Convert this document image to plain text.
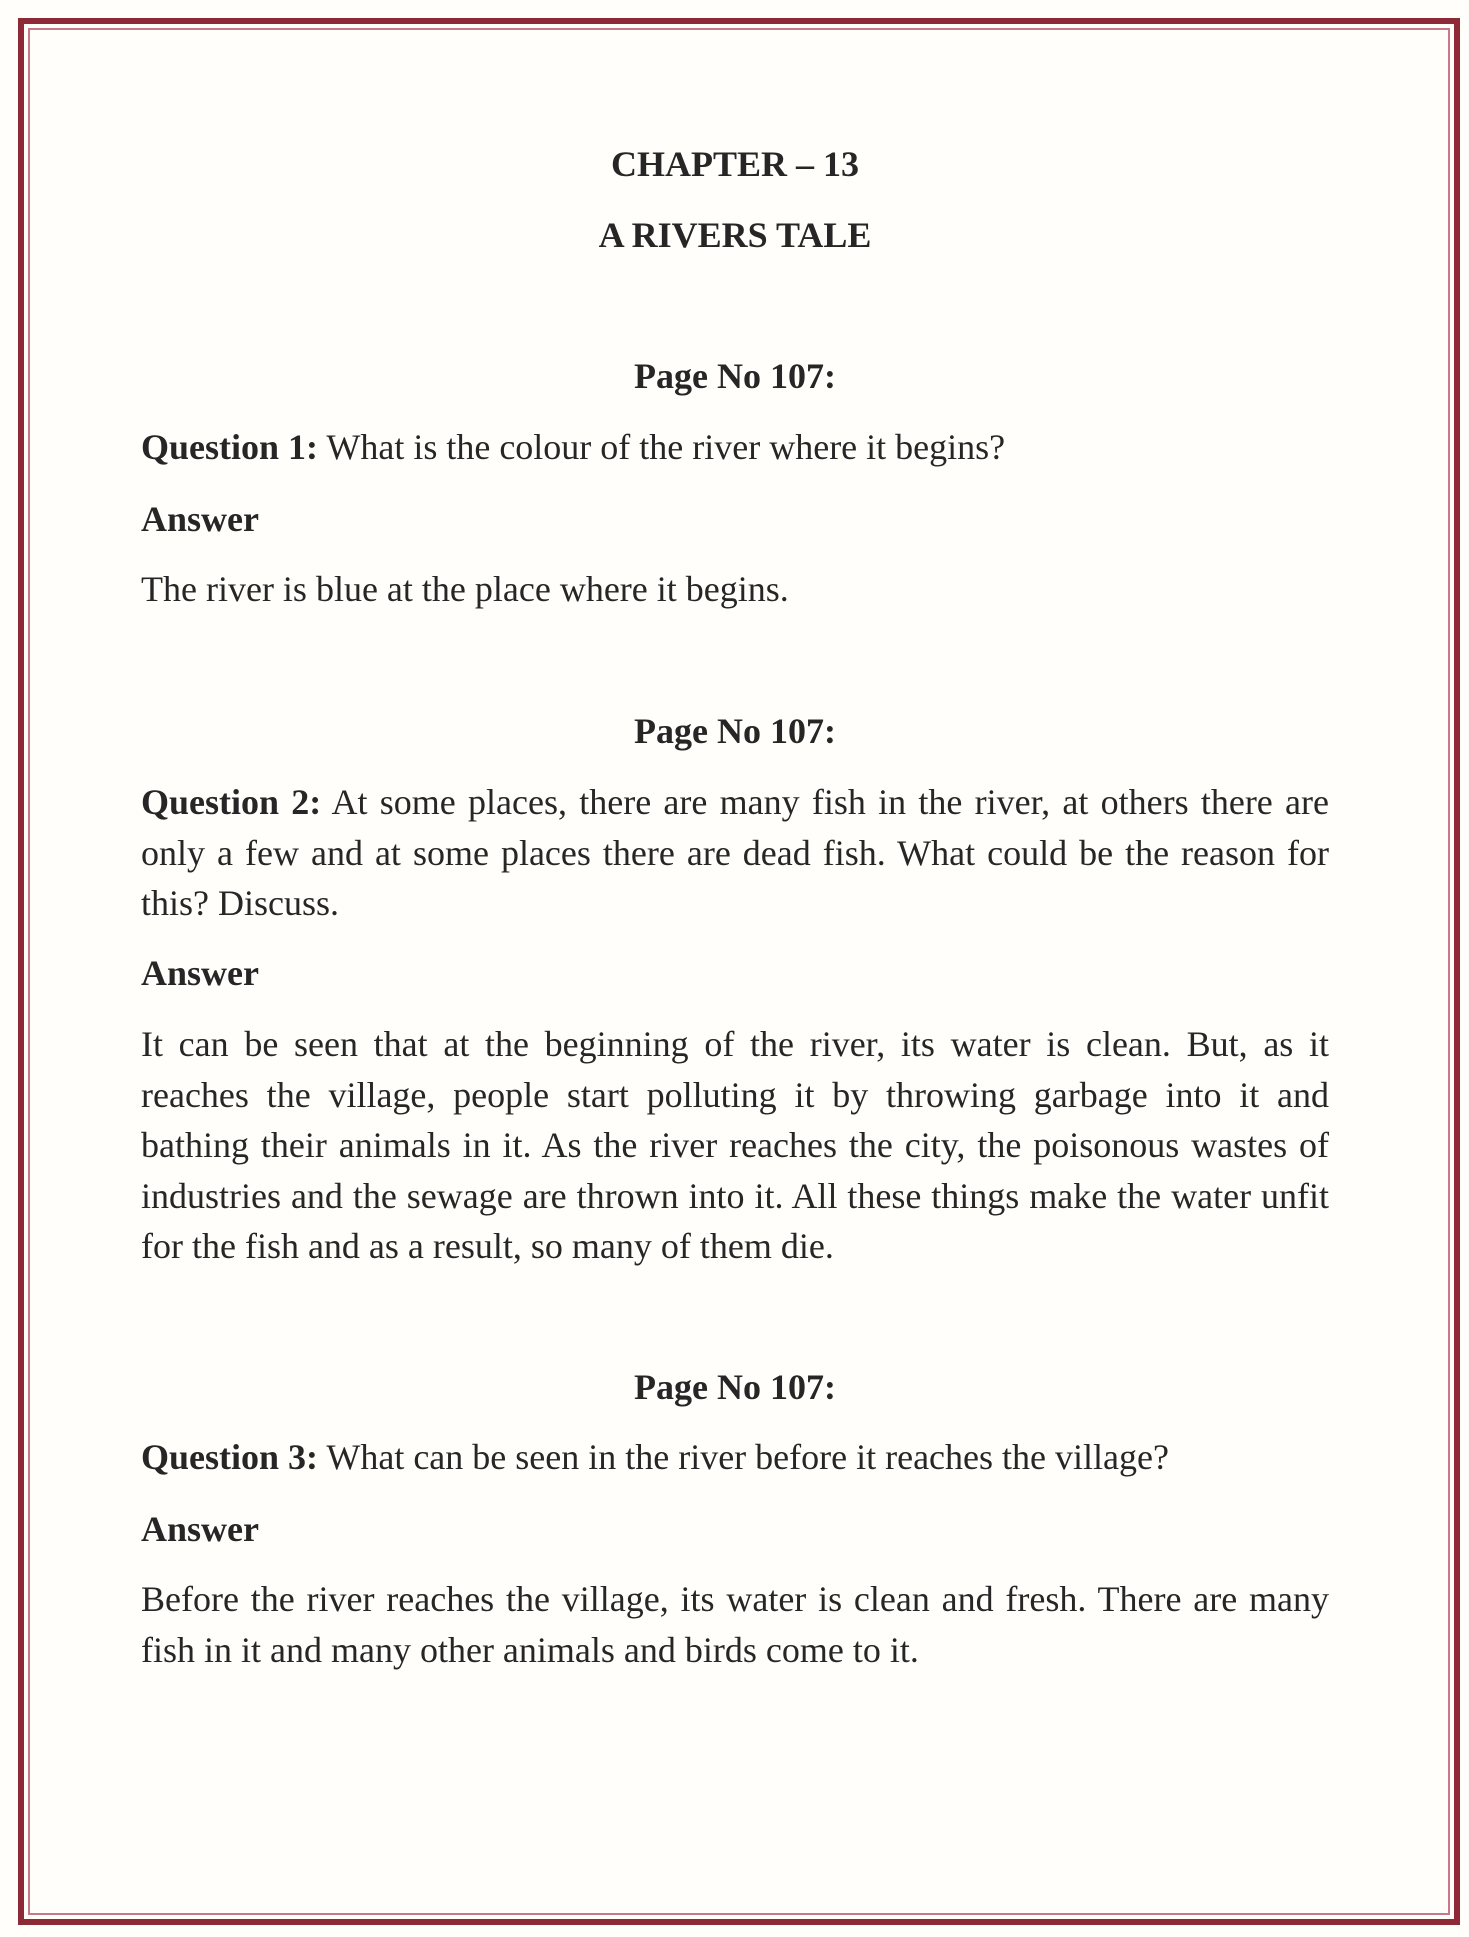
CHAPTER – 13
A RIVERS TALE
Page No 107:
Question 1: What is the colour of the river where it begins?
Answer
The river is blue at the place where it begins.
Page No 107:
Question 2: At some places, there are many fish in the river, at others there are only a few and at some places there are dead fish. What could be the reason for this? Discuss.
Answer
It can be seen that at the beginning of the river, its water is clean. But, as it reaches the village, people start polluting it by throwing garbage into it and bathing their animals in it. As the river reaches the city, the poisonous wastes of industries and the sewage are thrown into it. All these things make the water unfit for the fish and as a result, so many of them die.
Page No 107:
Question 3: What can be seen in the river before it reaches the village?
Answer
Before the river reaches the village, its water is clean and fresh. There are many fish in it and many other animals and birds come to it.
